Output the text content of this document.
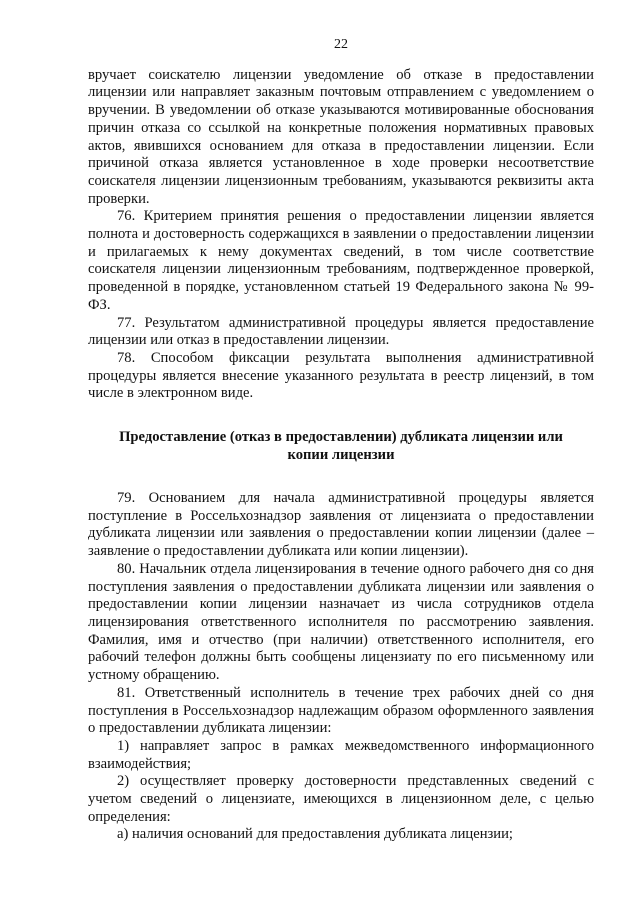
22

вручает соискателю лицензии уведомление об отказе в предоставлении лицензии или направляет заказным почтовым отправлением с уведомлением о вручении. В уведомлении об отказе указываются мотивированные обоснования причин отказа со ссылкой на конкретные положения нормативных правовых актов, явившихся основанием для отказа в предоставлении лицензии. Если причиной отказа является установленное в ходе проверки несоответствие соискателя лицензии лицензионным требованиям, указываются реквизиты акта проверки.

76. Критерием принятия решения о предоставлении лицензии является полнота и достоверность содержащихся в заявлении о предоставлении лицензии и прилагаемых к нему документах сведений, в том числе соответствие соискателя лицензии лицензионным требованиям, подтвержденное проверкой, проведенной в порядке, установленном статьей 19 Федерального закона № 99-ФЗ.

77. Результатом административной процедуры является предоставление лицензии или отказ в предоставлении лицензии.

78. Способом фиксации результата выполнения административной процедуры является внесение указанного результата в реестр лицензий, в том числе в электронном виде.

Предоставление (отказ в предоставлении) дубликата лицензии или
копии лицензии

79. Основанием для начала административной процедуры является поступление в Россельхознадзор заявления от лицензиата о предоставлении дубликата лицензии или заявления о предоставлении копии лицензии (далее – заявление о предоставлении дубликата или копии лицензии).

80. Начальник отдела лицензирования в течение одного рабочего дня со дня поступления заявления о предоставлении дубликата лицензии или заявления о предоставлении копии лицензии назначает из числа сотрудников отдела лицензирования ответственного исполнителя по рассмотрению заявления. Фамилия, имя и отчество (при наличии) ответственного исполнителя, его рабочий телефон должны быть сообщены лицензиату по его письменному или устному обращению.

81. Ответственный исполнитель в течение трех рабочих дней со дня поступления в Россельхознадзор надлежащим образом оформленного заявления о предоставлении дубликата лицензии:

1) направляет запрос в рамках межведомственного информационного взаимодействия;

2) осуществляет проверку достоверности представленных сведений с учетом сведений о лицензиате, имеющихся в лицензионном деле, с целью определения:

а) наличия оснований для предоставления дубликата лицензии;
